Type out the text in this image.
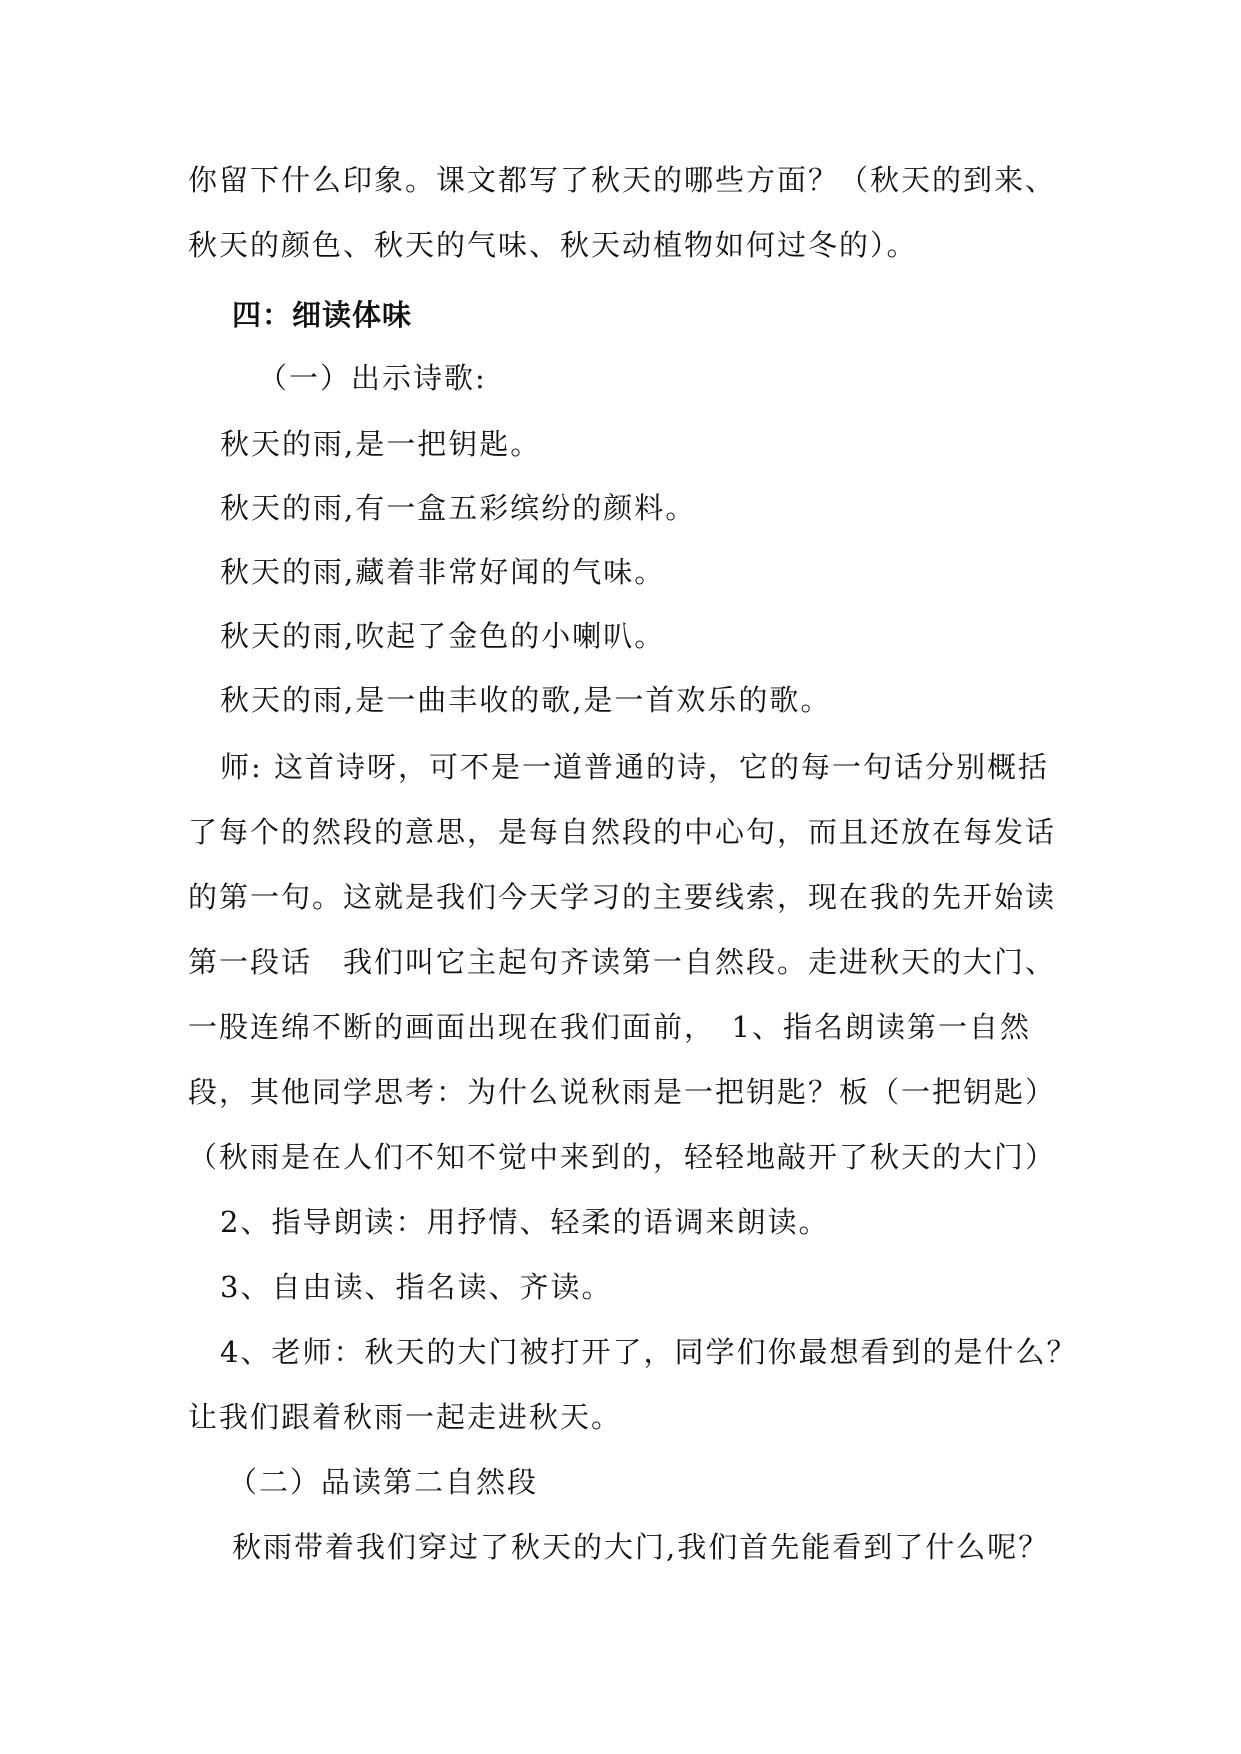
你留下什么印象。课文都写了秋天的哪些方面？（秋天的到来、
秋天的颜色、秋天的气味、秋天动植物如何过冬的）。
四：细读体味
（一）出示诗歌:
秋天的雨,是一把钥匙。
秋天的雨,有一盒五彩缤纷的颜料。
秋天的雨,藏着非常好闻的气味。
秋天的雨,吹起了金色的小喇叭。
秋天的雨,是一曲丰收的歌,是一首欢乐的歌。
师: 这首诗呀，可不是一道普通的诗，它的每一句话分别概括
了每个的然段的意思，是每自然段的中心句，而且还放在每发话
的第一句。这就是我们今天学习的主要线索，现在我的先开始读
第一段话　我们叫它主起句齐读第一自然段。走进秋天的大门、
一股连绵不断的画面出现在我们面前，　1、指名朗读第一自然
段，其他同学思考：为什么说秋雨是一把钥匙？板（一把钥匙）
（秋雨是在人们不知不觉中来到的，轻轻地敲开了秋天的大门）
2、指导朗读：用抒情、轻柔的语调来朗读。
3、自由读、指名读、齐读。
4、老师：秋天的大门被打开了，同学们你最想看到的是什么？
让我们跟着秋雨一起走进秋天。
（二）品读第二自然段
秋雨带着我们穿过了秋天的大门,我们首先能看到了什么呢？
